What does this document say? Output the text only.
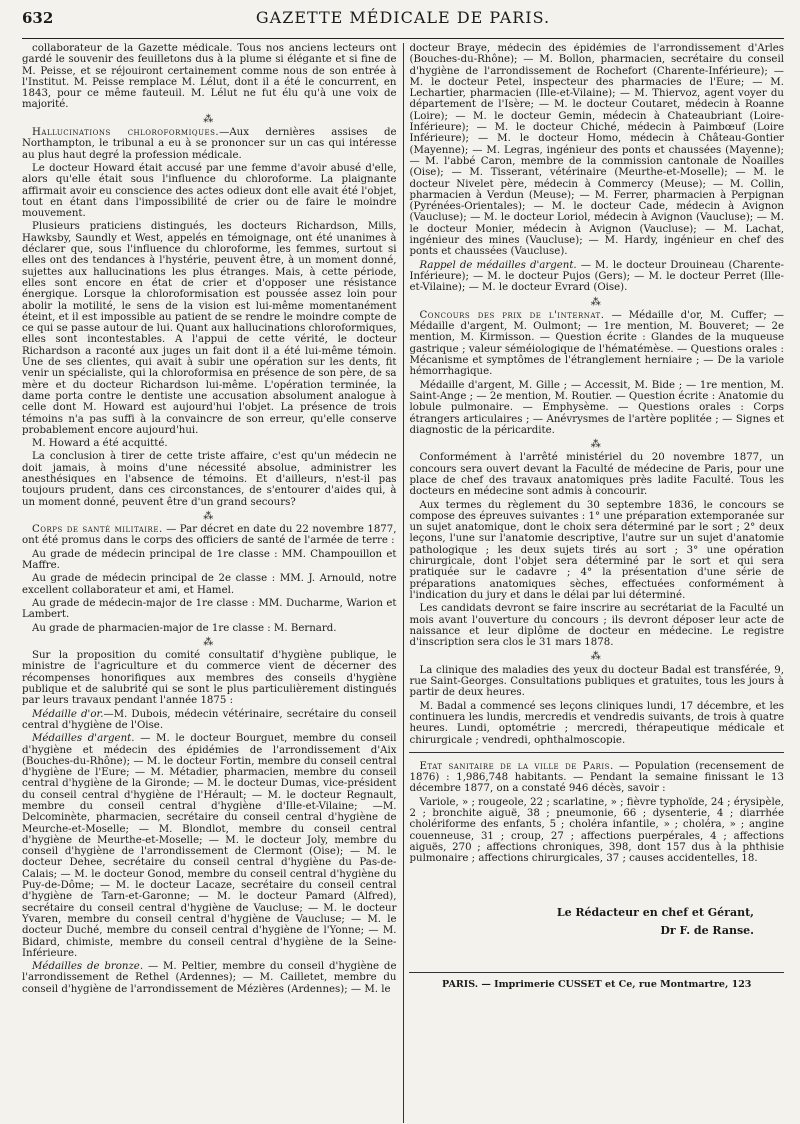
632	GAZETTE MÉDICALE DE PARIS.

collaborateur de la Gazette médicale. Tous nos anciens lecteurs ont gardé le souvenir des feuilletons dus à la plume si élégante et si fine de M. Peisse, et se réjouiront certainement comme nous de son entrée à l'Institut. M. Peisse remplace M. Lélut, dont il a été le concurrent, en 1843, pour ce même fauteuil. M. Lélut ne fut élu qu'à une voix de majorité.

⁂

Hallucinations chloroformiques.—Aux dernières assises de Northampton, le tribunal a eu à se prononcer sur un cas qui intéresse au plus haut degré la profession médicale.

Le docteur Howard était accusé par une femme d'avoir abusé d'elle, alors qu'elle était sous l'influence du chloroforme. La plaignante affirmait avoir eu conscience des actes odieux dont elle avait été l'objet, tout en étant dans l'impossibilité de crier ou de faire le moindre mouvement.

Plusieurs praticiens distingués, les docteurs Richardson, Mills, Hawksby, Saundly et West, appelés en témoignage, ont été unanimes à déclarer que, sous l'influence du chloroforme, les femmes, surtout si elles ont des tendances à l'hystérie, peuvent être, à un moment donné, sujettes aux hallucinations les plus étranges. Mais, à cette période, elles sont encore en état de crier et d'opposer une résistance énergique. Lorsque la chloroformisation est poussée assez loin pour abolir la motilité, le sens de la vision est lui-même momentanément éteint, et il est impossible au patient de se rendre le moindre compte de ce qui se passe autour de lui. Quant aux hallucinations chloroformiques, elles sont incontestables. A l'appui de cette vérité, le docteur Richardson a raconté aux juges un fait dont il a été lui-même témoin. Une de ses clientes, qui avait à subir une opération sur les dents, fit venir un spécialiste, qui la chloroformisa en présence de son père, de sa mère et du docteur Richardson lui-même. L'opération terminée, la dame porta contre le dentiste une accusation absolument analogue à celle dont M. Howard est aujourd'hui l'objet. La présence de trois témoins n'a pas suffi à la convaincre de son erreur, qu'elle conserve probablement encore aujourd'hui.

M. Howard a été acquitté.

La conclusion à tirer de cette triste affaire, c'est qu'un médecin ne doit jamais, à moins d'une nécessité absolue, administrer les anesthésiques en l'absence de témoins. Et d'ailleurs, n'est-il pas toujours prudent, dans ces circonstances, de s'entourer d'aides qui, à un moment donné, peuvent être d'un grand secours?

⁂

Corps de santé militaire. — Par décret en date du 22 novembre 1877, ont été promus dans le corps des officiers de santé de l'armée de terre :

Au grade de médecin principal de 1re classe : MM. Champouillon et Maffre.

Au grade de médecin principal de 2e classe : MM. J. Arnould, notre excellent collaborateur et ami, et Hamel.

Au grade de médecin-major de 1re classe : MM. Ducharme, Warion et Lambert.

Au grade de pharmacien-major de 1re classe : M. Bernard.

⁂

Sur la proposition du comité consultatif d'hygiène publique, le ministre de l'agriculture et du commerce vient de décerner des récompenses honorifiques aux membres des conseils d'hygiène publique et de salubrité qui se sont le plus particulièrement distingués par leurs travaux pendant l'année 1875 :

Médaille d'or.—M. Dubois, médecin vétérinaire, secrétaire du conseil central d'hygiène de l'Oise.

Médailles d'argent. — M. le docteur Bourguet, membre du conseil d'hygiène et médecin des épidémies de l'arrondissement d'Aix (Bouches-du-Rhône); — M. le docteur Fortin, membre du conseil central d'hygiène de l'Eure; — M. Métadier, pharmacien, membre du conseil central d'hygiène de la Gironde; — M. le docteur Dumas, vice-président du conseil central d'hygiène de l'Hérault; — M. le docteur Regnault, membre du conseil central d'hygiène d'Ille-et-Vilaine; —M. Delcominète, pharmacien, secrétaire du conseil central d'hygiène de Meurche-et-Moselle; — M. Blondlot, membre du conseil central d'hygiène de Meurthe-et-Moselle; — M. le docteur Joly, membre du conseil d'hygiène de l'arrondissement de Clermont (Oise); — M. le docteur Dehee, secrétaire du conseil central d'hygiène du Pas-de-Calais; — M. le docteur Gonod, membre du conseil central d'hygiène du Puy-de-Dôme; — M. le docteur Lacaze, secrétaire du conseil central d'hygiène de Tarn-et-Garonne; — M. le docteur Pamard (Alfred), secrétaire du conseil central d'hygiène de Vaucluse; — M. le docteur Yvaren, membre du conseil central d'hygiène de Vaucluse; — M. le docteur Duché, membre du conseil central d'hygiène de l'Yonne; — M. Bidard, chimiste, membre du conseil central d'hygiène de la Seine-Inférieure.

Médailles de bronze. — M. Peltier, membre du conseil d'hygiène de l'arrondissement de Rethel (Ardennes); — M. Cailletet, membre du conseil d'hygiène de l'arrondissement de Mézières (Ardennes); — M. le

docteur Braye, médecin des épidémies de l'arrondissement d'Arles (Bouches-du-Rhône); — M. Bollon, pharmacien, secrétaire du conseil d'hygiène de l'arrondissement de Rochefort (Charente-Inférieure); — M. le docteur Petel, inspecteur des pharmacies de l'Eure; — M. Lechartier, pharmacien (Ille-et-Vilaine); — M. Thiervoz, agent voyer du département de l'Isère; — M. le docteur Coutaret, médecin à Roanne (Loire); — M. le docteur Gemin, médecin à Chateaubriant (Loire-Inférieure); — M. le docteur Chiché, médecin à Paimbœuf (Loire Inférieure); — M. le docteur Homo, médecin à Château-Gontier (Mayenne); — M. Legras, ingénieur des ponts et chaussées (Mayenne); — M. l'abbé Caron, membre de la commission cantonale de Noailles (Oise); — M. Tisserant, vétérinaire (Meurthe-et-Moselle); — M. le docteur Nivelet père, médecin à Commercy (Meuse); — M. Collin, pharmacien à Verdun (Meuse); — M. Ferrer, pharmacien à Perpignan (Pyrénées-Orientales); — M. le docteur Cade, médecin à Avignon (Vaucluse); — M. le docteur Loriol, médecin à Avignon (Vaucluse); — M. le docteur Monier, médecin à Avignon (Vaucluse); — M. Lachat, ingénieur des mines (Vaucluse); — M. Hardy, ingénieur en chef des ponts et chaussées (Vaucluse).

Rappel de médailles d'argent. — M. le docteur Drouineau (Charente-Inférieure); — M. le docteur Pujos (Gers); — M. le docteur Perret (Ille-et-Vilaine); — M. le docteur Evrard (Oise).

⁂

Concours des prix de l'internat. — Médaille d'or, M. Cuffer; — Médaille d'argent, M. Oulmont; — 1re mention, M. Bouveret; — 2e mention, M. Kirmisson. — Question écrite : Glandes de la muqueuse gastrique ; valeur séméiologique de l'hématémèse. — Questions orales : Mécanisme et symptômes de l'étranglement herniaire ; — De la variole hémorrhagique.

Médaille d'argent, M. Gille ; — Accessit, M. Bide ; — 1re mention, M. Saint-Ange ; — 2e mention, M. Routier. — Question écrite : Anatomie du lobule pulmonaire. — Emphysème. — Questions orales : Corps étrangers articulaires ; — Anévrysmes de l'artère poplitée ; — Signes et diagnostic de la péricardite.

⁂

Conformément à l'arrêté ministériel du 20 novembre 1877, un concours sera ouvert devant la Faculté de médecine de Paris, pour une place de chef des travaux anatomiques près ladite Faculté. Tous les docteurs en médecine sont admis à concourir.

Aux termes du règlement du 30 septembre 1836, le concours se compose des épreuves suivantes : 1° une préparation extemporanée sur un sujet anatomique, dont le choix sera déterminé par le sort ; 2° deux leçons, l'une sur l'anatomie descriptive, l'autre sur un sujet d'anatomie pathologique ; les deux sujets tirés au sort ; 3° une opération chirurgicale, dont l'objet sera déterminé par le sort et qui sera pratiquée sur le cadavre ; 4° la présentation d'une série de préparations anatomiques sèches, effectuées conformément à l'indication du jury et dans le délai par lui déterminé.

Les candidats devront se faire inscrire au secrétariat de la Faculté un mois avant l'ouverture du concours ; ils devront déposer leur acte de naissance et leur diplôme de docteur en médecine. Le registre d'inscription sera clos le 31 mars 1878.

⁂

La clinique des maladies des yeux du docteur Badal est transférée, 9, rue Saint-Georges. Consultations publiques et gratuites, tous les jours à partir de deux heures.

M. Badal a commencé ses leçons cliniques lundi, 17 décembre, et les continuera les lundis, mercredis et vendredis suivants, de trois à quatre heures. Lundi, optométrie ; mercredi, thérapeutique médicale et chirurgicale ; vendredi, ophthalmoscopie.

Etat sanitaire de la ville de Paris. — Population (recensement de 1876) : 1,986,748 habitants. — Pendant la semaine finissant le 13 décembre 1877, on a constaté 946 décès, savoir :

Variole, » ; rougeole, 22 ; scarlatine, » ; fièvre typhoïde, 24 ; érysipèle, 2 ; bronchite aiguë, 38 ; pneumonie, 66 ; dysenterie, 4 ; diarrhée cholériforme des enfants, 5 ; choléra infantile, » ; choléra, » ; angine couenneuse, 31 ; croup, 27 ; affections puerpérales, 4 ; affections aiguës, 270 ; affections chroniques, 398, dont 157 dus à la phthisie pulmonaire ; affections chirurgicales, 37 ; causes accidentelles, 18.

Le Rédacteur en chef et Gérant,
Dr F. de Ranse.
PARIS. — Imprimerie CUSSET et Ce, rue Montmartre, 123
